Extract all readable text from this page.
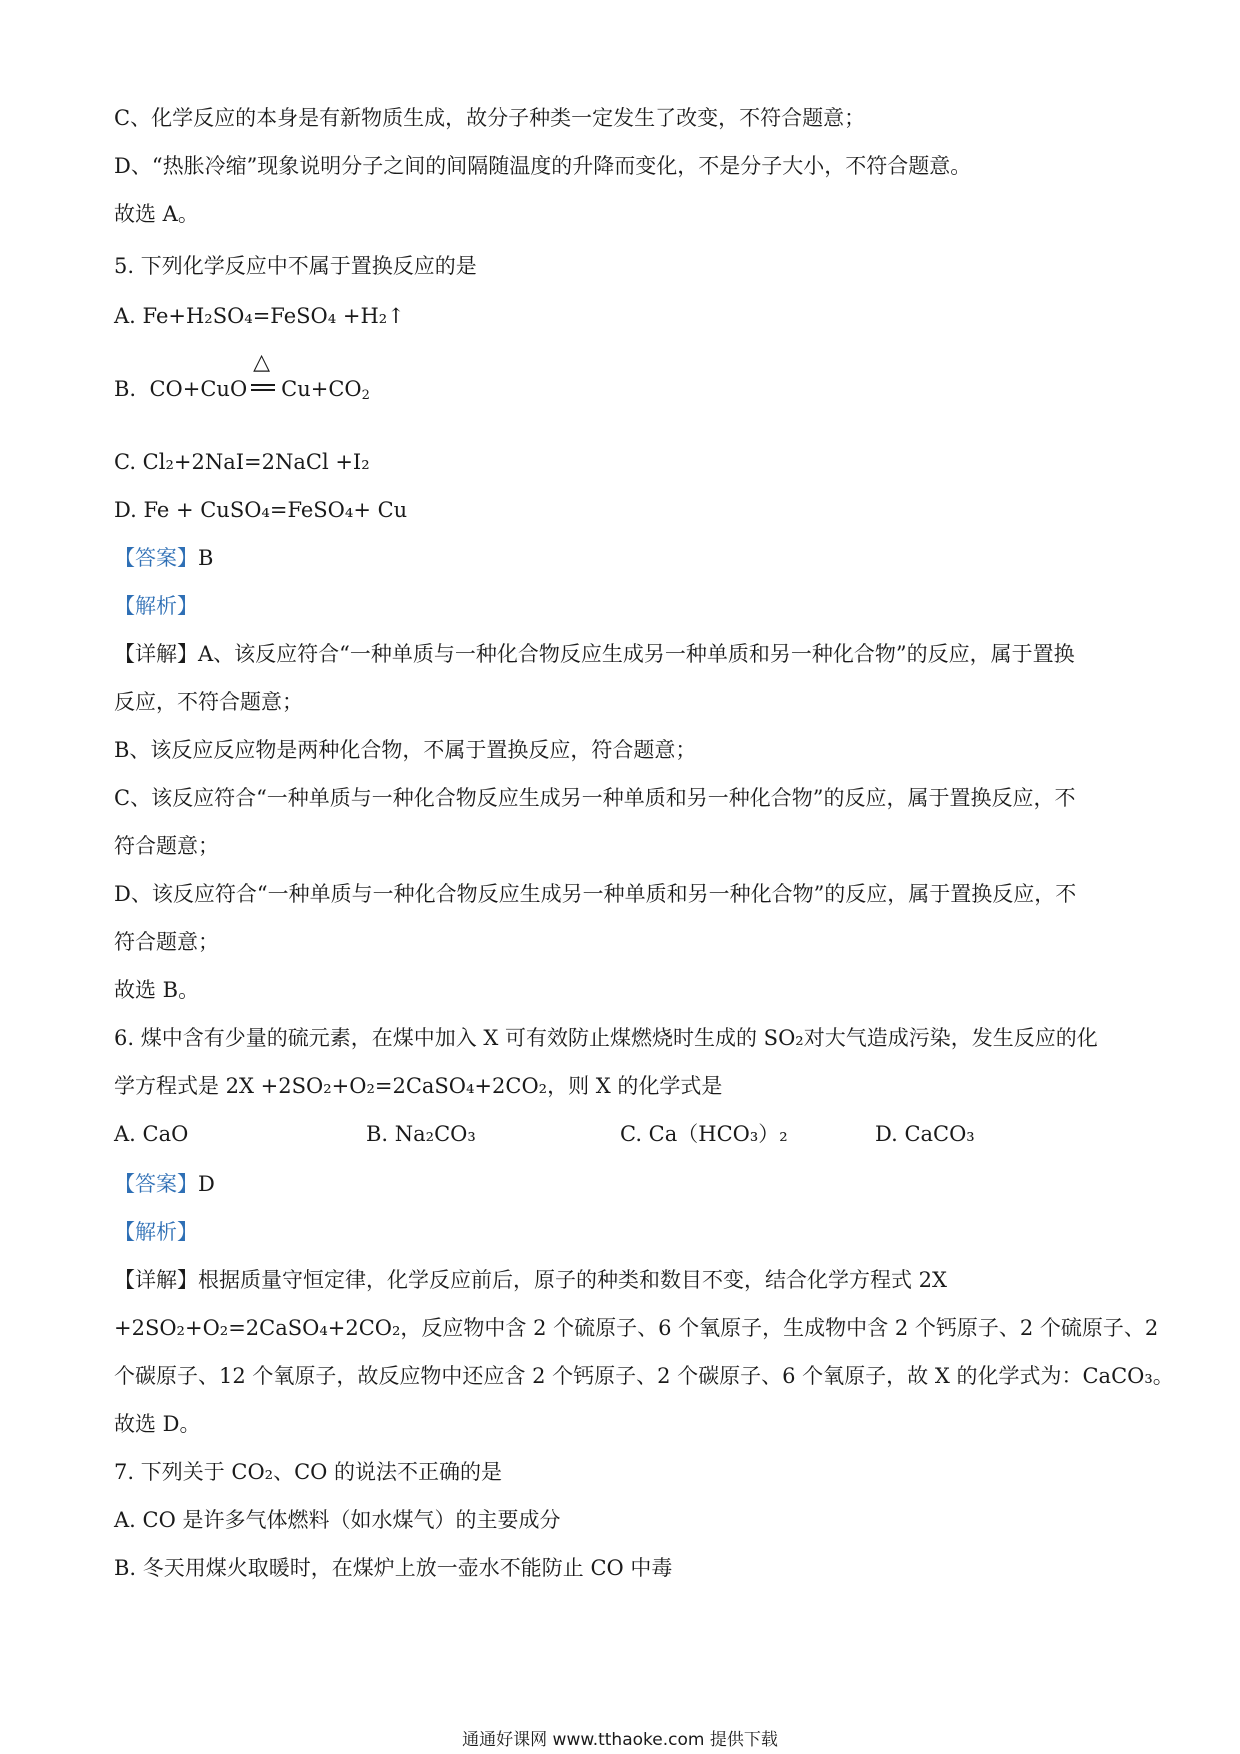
C、化学反应的本身是有新物质生成，故分子种类一定发生了改变，不符合题意；
D、“热胀冷缩”现象说明分子之间的间隔随温度的升降而变化，不是分子大小，不符合题意。
故选 A。
5. 下列化学反应中不属于置换反应的是
A. Fe+H₂SO₄=FeSO₄ +H₂↑
B. CO+CuO
△
$Cu+CO_2$
C. Cl₂+2NaI=2NaCl +I₂
D. Fe + CuSO₄=FeSO₄+ Cu
【答案】B
【解析】
【详解】A、该反应符合“一种单质与一种化合物反应生成另一种单质和另一种化合物”的反应，属于置换
反应，不符合题意；
B、该反应反应物是两种化合物，不属于置换反应，符合题意；
C、该反应符合“一种单质与一种化合物反应生成另一种单质和另一种化合物”的反应，属于置换反应，不
符合题意；
D、该反应符合“一种单质与一种化合物反应生成另一种单质和另一种化合物”的反应，属于置换反应，不
符合题意；
故选 B。
6. 煤中含有少量的硫元素，在煤中加入 X 可有效防止煤燃烧时生成的 SO₂对大气造成污染，发生反应的化
学方程式是 2X +2SO₂+O₂=2CaSO₄+2CO₂，则 X 的化学式是
A. CaO	B. Na₂CO₃	C. Ca（HCO₃）₂	D. CaCO₃
【答案】D
【解析】
【详解】根据质量守恒定律，化学反应前后，原子的种类和数目不变，结合化学方程式 2X
+2SO₂+O₂=2CaSO₄+2CO₂，反应物中含 2 个硫原子、6 个氧原子，生成物中含 2 个钙原子、2 个硫原子、2
个碳原子、12 个氧原子，故反应物中还应含 2 个钙原子、2 个碳原子、6 个氧原子，故 X 的化学式为：CaCO₃。
故选 D。
7. 下列关于 CO₂、CO 的说法不正确的是
A. CO 是许多气体燃料（如水煤气）的主要成分
B. 冬天用煤火取暖时，在煤炉上放一壶水不能防止 CO 中毒
通通好课网 www.tthaoke.com 提供下载
